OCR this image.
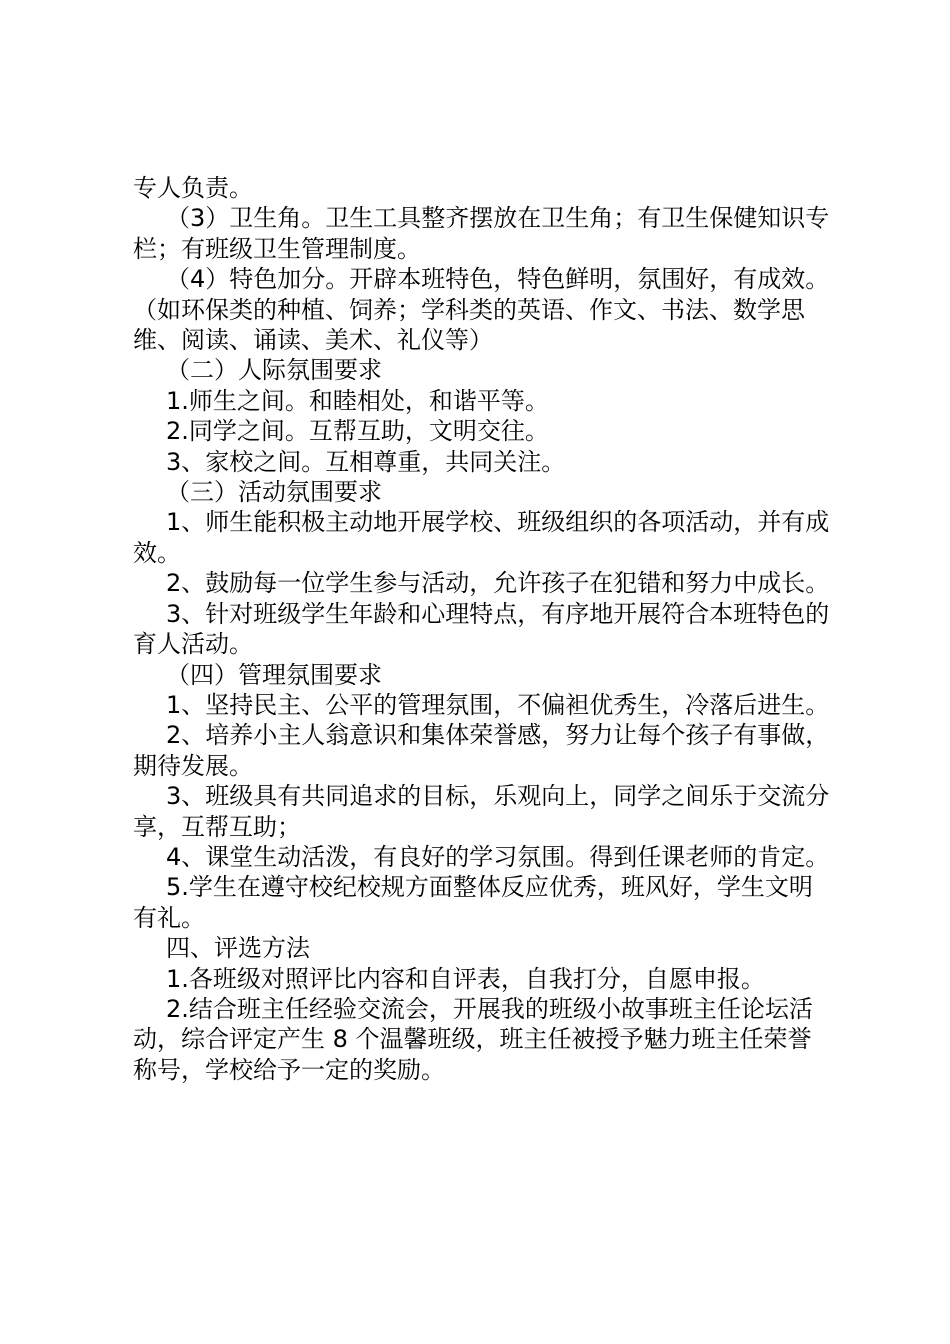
专人负责。

（3）卫生角。卫生工具整齐摆放在卫生角；有卫生保健知识专栏；有班级卫生管理制度。

（4）特色加分。开辟本班特色，特色鲜明，氛围好，有成效。（如环保类的种植、饲养；学科类的英语、作文、书法、数学思维、阅读、诵读、美术、礼仪等）

（二）人际氛围要求

1.师生之间。和睦相处，和谐平等。

2.同学之间。互帮互助，文明交往。

3、家校之间。互相尊重，共同关注。

（三）活动氛围要求

1、师生能积极主动地开展学校、班级组织的各项活动，并有成效。

2、鼓励每一位学生参与活动，允许孩子在犯错和努力中成长。

3、针对班级学生年龄和心理特点，有序地开展符合本班特色的育人活动。

（四）管理氛围要求

1、坚持民主、公平的管理氛围，不偏袒优秀生，冷落后进生。

2、培养小主人翁意识和集体荣誉感，努力让每个孩子有事做，期待发展。

3、班级具有共同追求的目标，乐观向上，同学之间乐于交流分享，互帮互助；

4、课堂生动活泼，有良好的学习氛围。得到任课老师的肯定。

5.学生在遵守校纪校规方面整体反应优秀，班风好，学生文明有礼。

四、评选方法

1.各班级对照评比内容和自评表，自我打分，自愿申报。

2.结合班主任经验交流会，开展我的班级小故事班主任论坛活动，综合评定产生 8 个温馨班级，班主任被授予魅力班主任荣誉称号，学校给予一定的奖励。
